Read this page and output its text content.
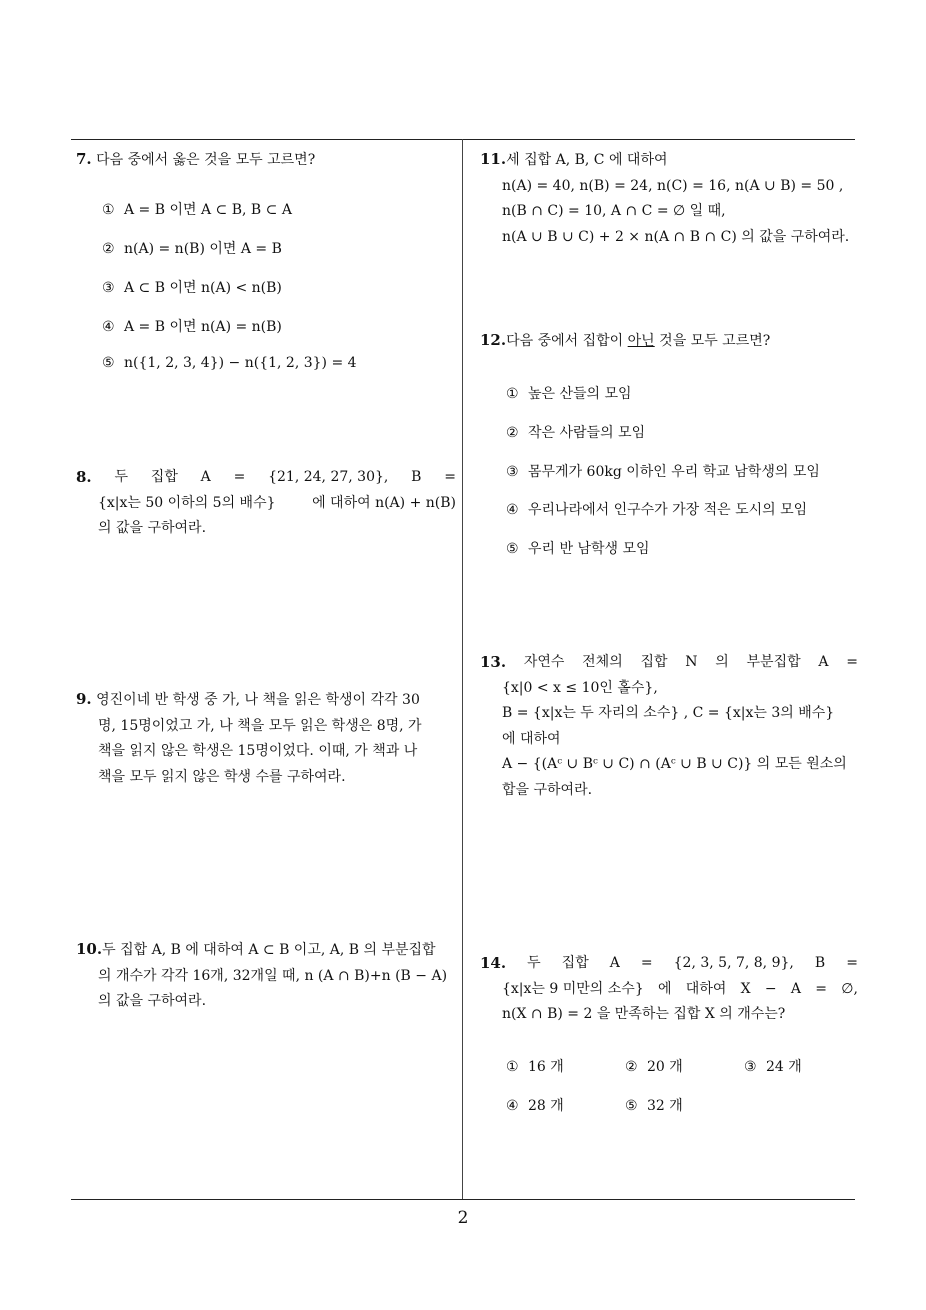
7. 다음 중에서 옳은 것을 모두 고르면?
① A = B 이면 A ⊂ B, B ⊂ A
② n(A) = n(B) 이면 A = B
③ A ⊂ B 이면 n(A) < n(B)
④ A = B 이면 n(A) = n(B)
⑤ n({1, 2, 3, 4}) − n({1, 2, 3}) = 4
8. 두 집합 A = {21, 24, 27, 30}, B =
{x|x는 50 이하의 5의 배수}	에 대하여 n(A) + n(B)
의 값을 구하여라.
9. 영진이네 반 학생 중 가, 나 책을 읽은 학생이 각각 30
명, 15명이었고 가, 나 책을 모두 읽은 학생은 8명, 가
책을 읽지 않은 학생은 15명이었다. 이때, 가 책과 나
책을 모두 읽지 않은 학생 수를 구하여라.
10.두 집합 A, B 에 대하여 A ⊂ B 이고, A, B 의 부분집합
의 개수가 각각 16개, 32개일 때, n (A ∩ B)+n (B − A)
의 값을 구하여라.
11.세 집합 A, B, C 에 대하여
n(A) = 40, n(B) = 24, n(C) = 16, n(A ∪ B) = 50 ,
n(B ∩ C) = 10, A ∩ C = ∅ 일 때,
n(A ∪ B ∪ C) + 2 × n(A ∩ B ∩ C) 의 값을 구하여라.
12.다음 중에서 집합이 아닌 것을 모두 고르면?
① 높은 산들의 모임
② 작은 사람들의 모임
③ 몸무게가 60kg 이하인 우리 학교 남학생의 모임
④ 우리나라에서 인구수가 가장 적은 도시의 모임
⑤ 우리 반 남학생 모임
13. 자연수 전체의 집합 N 의 부분집합 A =
{x|0 < x ≤ 10인 홀수},
B = {x|x는 두 자리의 소수} , C = {x|x는 3의 배수}
에 대하여
A − {(Aᶜ ∪ Bᶜ ∪ C) ∩ (Aᶜ ∪ B ∪ C)} 의 모든 원소의
합을 구하여라.
14. 두 집합 A = {2, 3, 5, 7, 8, 9}, B =
{x|x는 9 미만의 소수} 에 대하여 X − A = ∅,
n(X ∩ B) = 2 을 만족하는 집합 X 의 개수는?
① 16 개	② 20 개	③ 24 개
④ 28 개	⑤ 32 개
2
